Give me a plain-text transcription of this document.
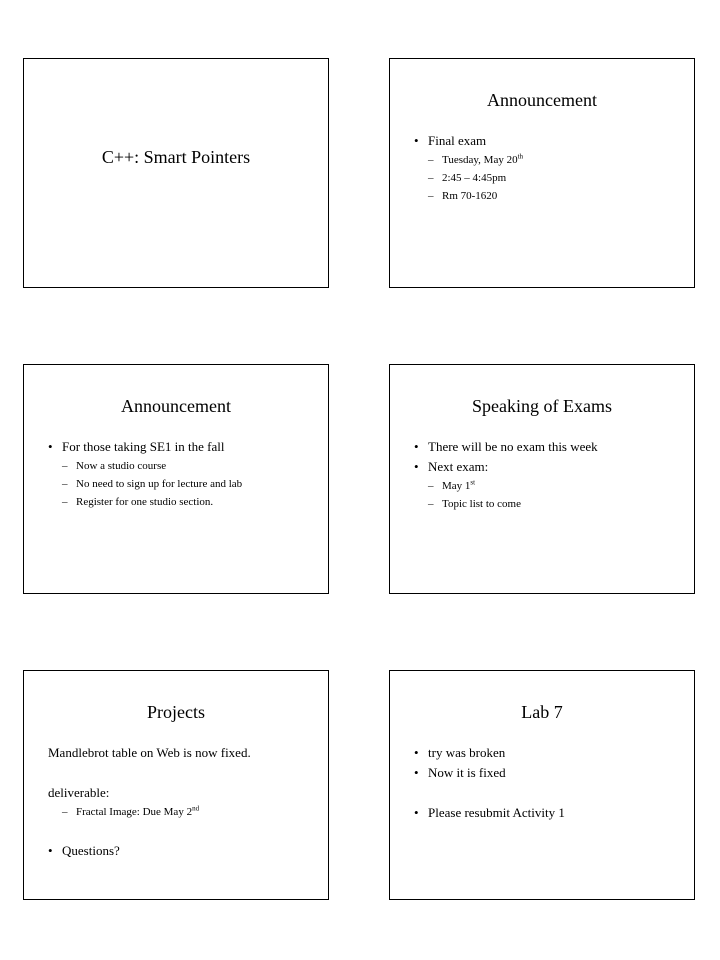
C++: Smart Pointers
Announcement
• Final exam
– Tuesday, May 20th
– 2:45 – 4:45pm
– Rm 70-1620
Announcement
• For those taking SE1 in the fall
– Now a studio course
– No need to sign up for lecture and lab
– Register for one studio section.
Speaking of Exams
• There will be no exam this week
• Next exam:
– May 1st
– Topic list to come
Projects
Mandlebrot table on Web is now fixed.
deliverable:
– Fractal Image: Due May 2nd
• Questions?
Lab 7
• try was broken
• Now it is fixed
• Please resubmit Activity 1
